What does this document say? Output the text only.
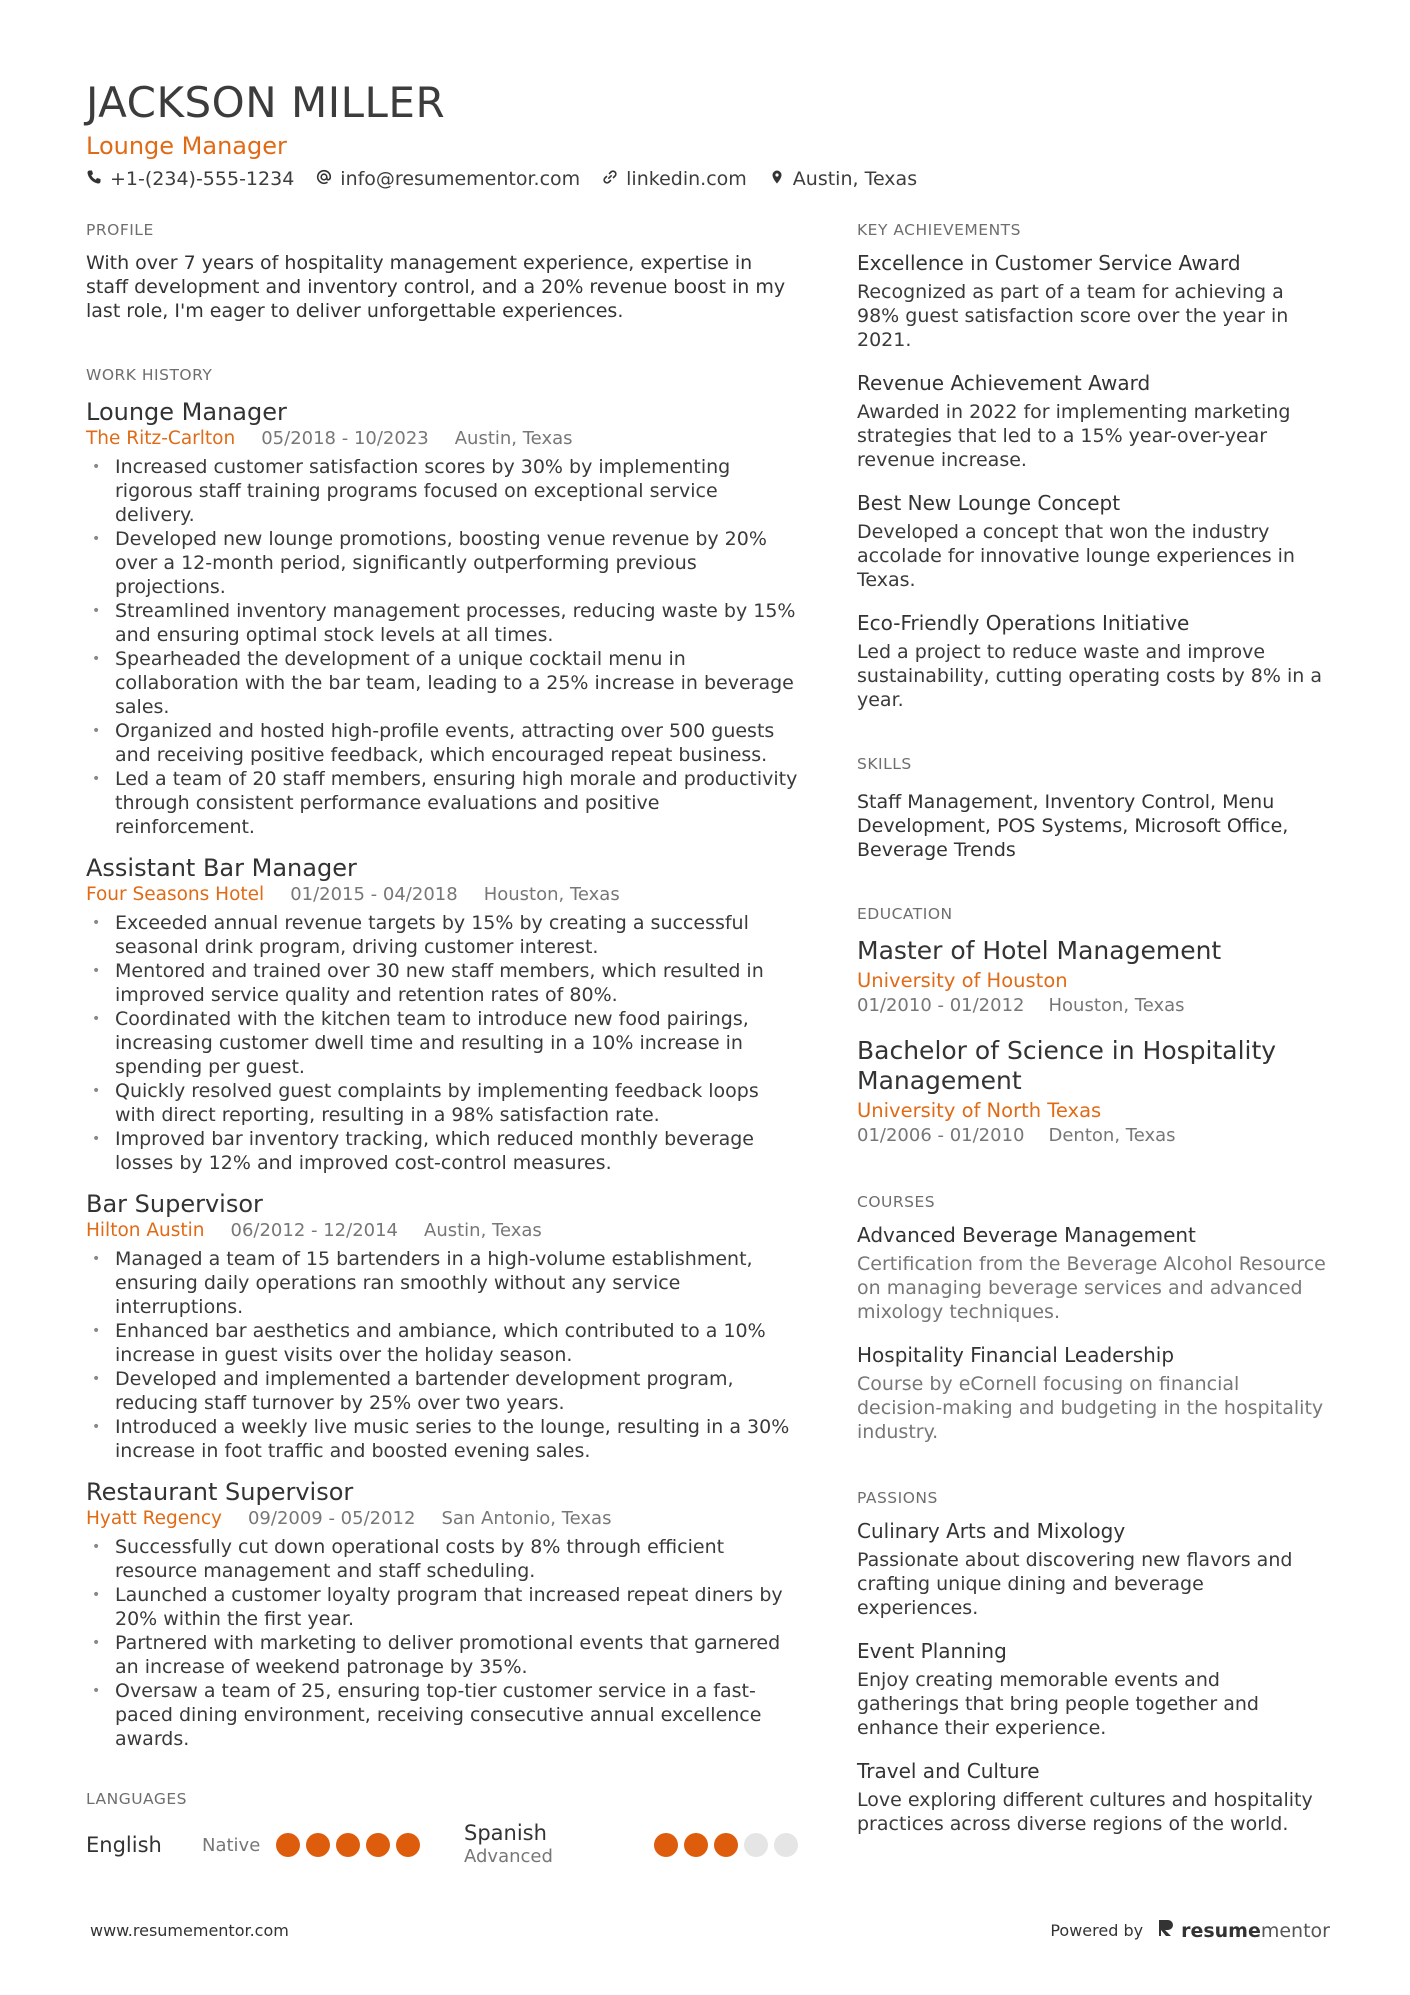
JACKSON MILLER
Lounge Manager
+1-(234)-555-1234 info@resumementor.com linkedin.com Austin, Texas
PROFILE
With over 7 years of hospitality management experience, expertise in staff development and inventory control, and a 20% revenue boost in my last role, I'm eager to deliver unforgettable experiences.
WORK HISTORY
Lounge Manager
The Ritz-Carlton 05/2018 - 10/2023 Austin, Texas
• Increased customer satisfaction scores by 30% by implementing rigorous staff training programs focused on exceptional service delivery.
• Developed new lounge promotions, boosting venue revenue by 20% over a 12-month period, significantly outperforming previous projections.
• Streamlined inventory management processes, reducing waste by 15% and ensuring optimal stock levels at all times.
• Spearheaded the development of a unique cocktail menu in collaboration with the bar team, leading to a 25% increase in beverage sales.
• Organized and hosted high-profile events, attracting over 500 guests and receiving positive feedback, which encouraged repeat business.
• Led a team of 20 staff members, ensuring high morale and productivity through consistent performance evaluations and positive reinforcement.
Assistant Bar Manager
Four Seasons Hotel 01/2015 - 04/2018 Houston, Texas
• Exceeded annual revenue targets by 15% by creating a successful seasonal drink program, driving customer interest.
• Mentored and trained over 30 new staff members, which resulted in improved service quality and retention rates of 80%.
• Coordinated with the kitchen team to introduce new food pairings, increasing customer dwell time and resulting in a 10% increase in spending per guest.
• Quickly resolved guest complaints by implementing feedback loops with direct reporting, resulting in a 98% satisfaction rate.
• Improved bar inventory tracking, which reduced monthly beverage losses by 12% and improved cost-control measures.
Bar Supervisor
Hilton Austin 06/2012 - 12/2014 Austin, Texas
• Managed a team of 15 bartenders in a high-volume establishment, ensuring daily operations ran smoothly without any service interruptions.
• Enhanced bar aesthetics and ambiance, which contributed to a 10% increase in guest visits over the holiday season.
• Developed and implemented a bartender development program, reducing staff turnover by 25% over two years.
• Introduced a weekly live music series to the lounge, resulting in a 30% increase in foot traffic and boosted evening sales.
Restaurant Supervisor
Hyatt Regency 09/2009 - 05/2012 San Antonio, Texas
• Successfully cut down operational costs by 8% through efficient resource management and staff scheduling.
• Launched a customer loyalty program that increased repeat diners by 20% within the first year.
• Partnered with marketing to deliver promotional events that garnered an increase of weekend patronage by 35%.
• Oversaw a team of 25, ensuring top-tier customer service in a fast-paced dining environment, receiving consecutive annual excellence awards.
LANGUAGES
English	Native	Spanish
Advanced
KEY ACHIEVEMENTS
Excellence in Customer Service Award
Recognized as part of a team for achieving a 98% guest satisfaction score over the year in 2021.
Revenue Achievement Award
Awarded in 2022 for implementing marketing strategies that led to a 15% year-over-year revenue increase.
Best New Lounge Concept
Developed a concept that won the industry accolade for innovative lounge experiences in Texas.
Eco-Friendly Operations Initiative
Led a project to reduce waste and improve sustainability, cutting operating costs by 8% in a year.
SKILLS
Staff Management, Inventory Control, Menu Development, POS Systems, Microsoft Office, Beverage Trends
EDUCATION
Master of Hotel Management
University of Houston
01/2010 - 01/2012 Houston, Texas
Bachelor of Science in Hospitality Management
University of North Texas
01/2006 - 01/2010 Denton, Texas
COURSES
Advanced Beverage Management
Certification from the Beverage Alcohol Resource on managing beverage services and advanced mixology techniques.
Hospitality Financial Leadership
Course by eCornell focusing on financial decision-making and budgeting in the hospitality industry.
PASSIONS
Culinary Arts and Mixology
Passionate about discovering new flavors and crafting unique dining and beverage experiences.
Event Planning
Enjoy creating memorable events and gatherings that bring people together and enhance their experience.
Travel and Culture
Love exploring different cultures and hospitality practices across diverse regions of the world.
www.resumementor.com	Powered by resumementor
